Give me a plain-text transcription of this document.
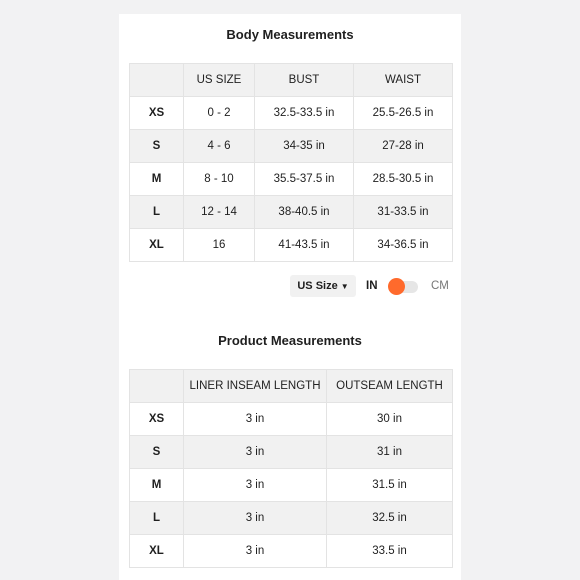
Body Measurements
	US SIZE	BUST	WAIST
XS	0 - 2	32.5-33.5 in	25.5-26.5 in
S	4 - 6	34-35 in	27-28 in
M	8 - 10	35.5-37.5 in	28.5-30.5 in
L	12 - 14	38-40.5 in	31-33.5 in
XL	16	41-43.5 in	34-36.5 in
US Size ▼	IN	CM
Product Measurements
	LINER INSEAM LENGTH	OUTSEAM LENGTH
XS	3 in	30 in
S	3 in	31 in
M	3 in	31.5 in
L	3 in	32.5 in
XL	3 in	33.5 in
